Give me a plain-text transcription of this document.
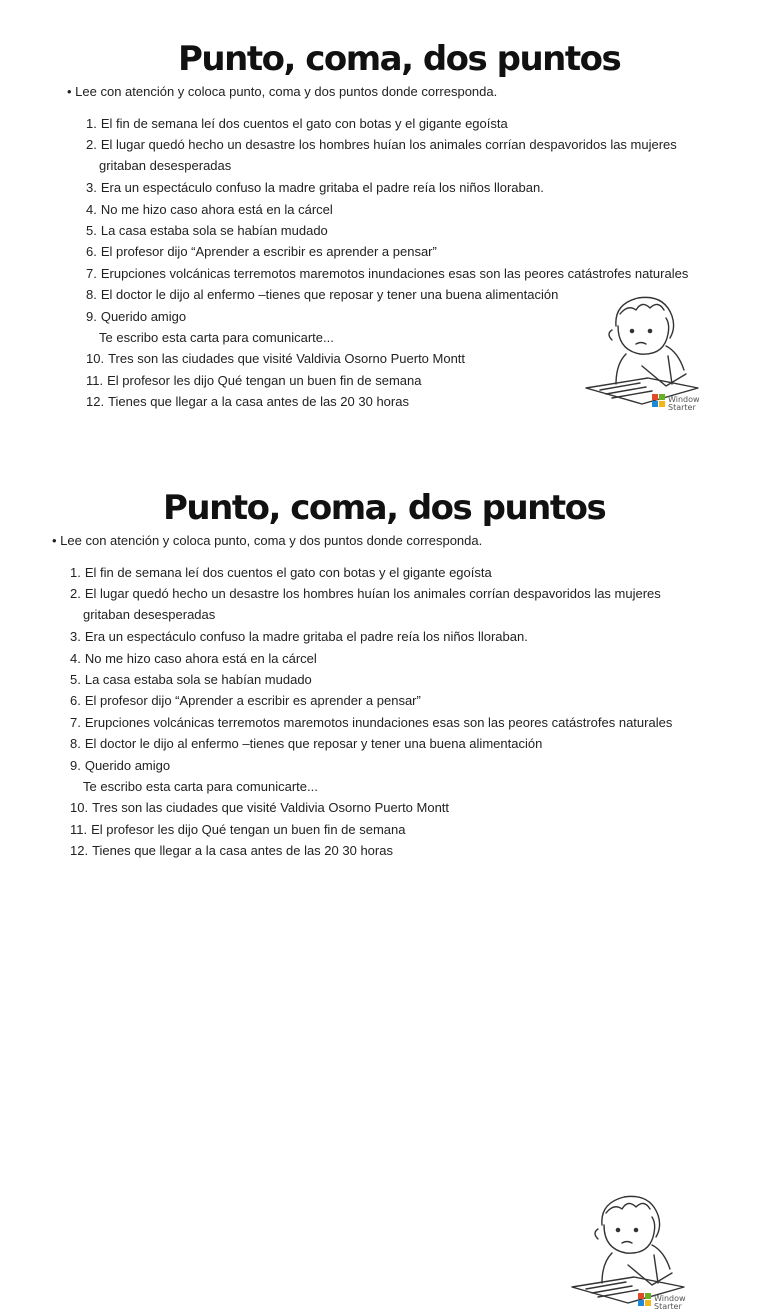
Punto, coma, dos puntos
• Lee con atención y coloca punto, coma y dos puntos donde corresponda.
1. El fin de semana leí dos cuentos el gato con botas y el gigante egoísta
2. El lugar quedó hecho un desastre los hombres huían los animales corrían despavoridos las mujeres
gritaban desesperadas
3. Era un espectáculo confuso la madre gritaba el padre reía los niños lloraban.
4. No me hizo caso ahora está en la cárcel
5. La casa estaba sola se habían mudado
6. El profesor dijo “Aprender a escribir es aprender a pensar”
7. Erupciones volcánicas terremotos maremotos inundaciones esas son las peores catástrofes naturales
8. El doctor le dijo al enfermo –tienes que reposar y tener una buena alimentación
9. Querido amigo
Te escribo esta carta para comunicarte...
10. Tres son las ciudades que visité Valdivia Osorno Puerto Montt
11. El profesor les dijo Qué tengan un buen fin de semana
12. Tienes que llegar a la casa antes de las 20 30 horas	Window
Starter
Punto, coma, dos puntos
• Lee con atención y coloca punto, coma y dos puntos donde corresponda.
1. El fin de semana leí dos cuentos el gato con botas y el gigante egoísta
2. El lugar quedó hecho un desastre los hombres huían los animales corrían despavoridos las mujeres
gritaban desesperadas
3. Era un espectáculo confuso la madre gritaba el padre reía los niños lloraban.
4. No me hizo caso ahora está en la cárcel
5. La casa estaba sola se habían mudado
6. El profesor dijo “Aprender a escribir es aprender a pensar”
7. Erupciones volcánicas terremotos maremotos inundaciones esas son las peores catástrofes naturales
8. El doctor le dijo al enfermo –tienes que reposar y tener una buena alimentación
9. Querido amigo
Te escribo esta carta para comunicarte...
10. Tres son las ciudades que visité Valdivia Osorno Puerto Montt
11. El profesor les dijo Qué tengan un buen fin de semana
12. Tienes que llegar a la casa antes de las 20 30 horas
Window
Starter
